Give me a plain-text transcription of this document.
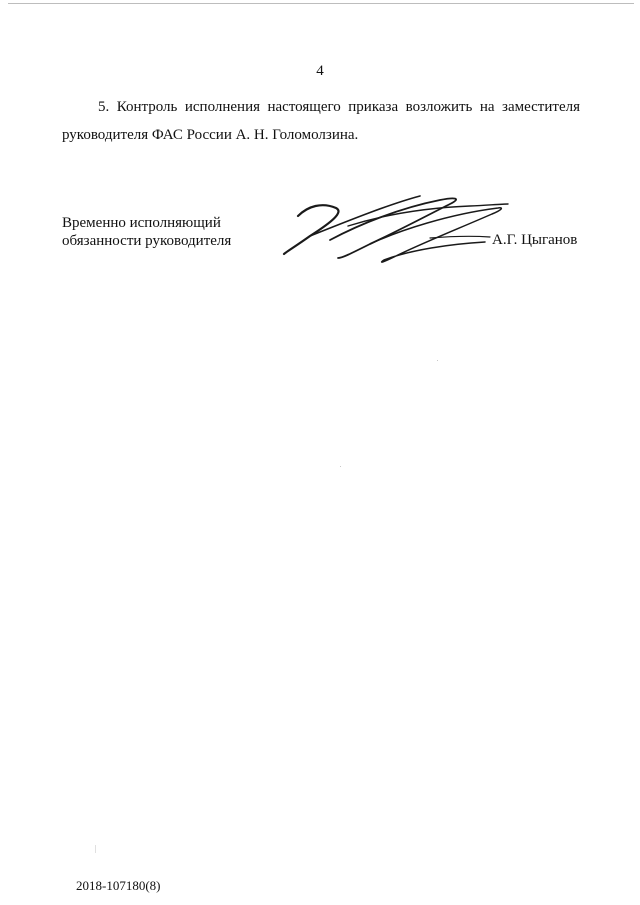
4

5. Контроль исполнения настоящего приказа возложить на заместителя руководителя ФАС России А. Н. Голомолзина.

Временно исполняющий
обязанности руководителя	А.Г. Цыганов
2018-107180(8)
